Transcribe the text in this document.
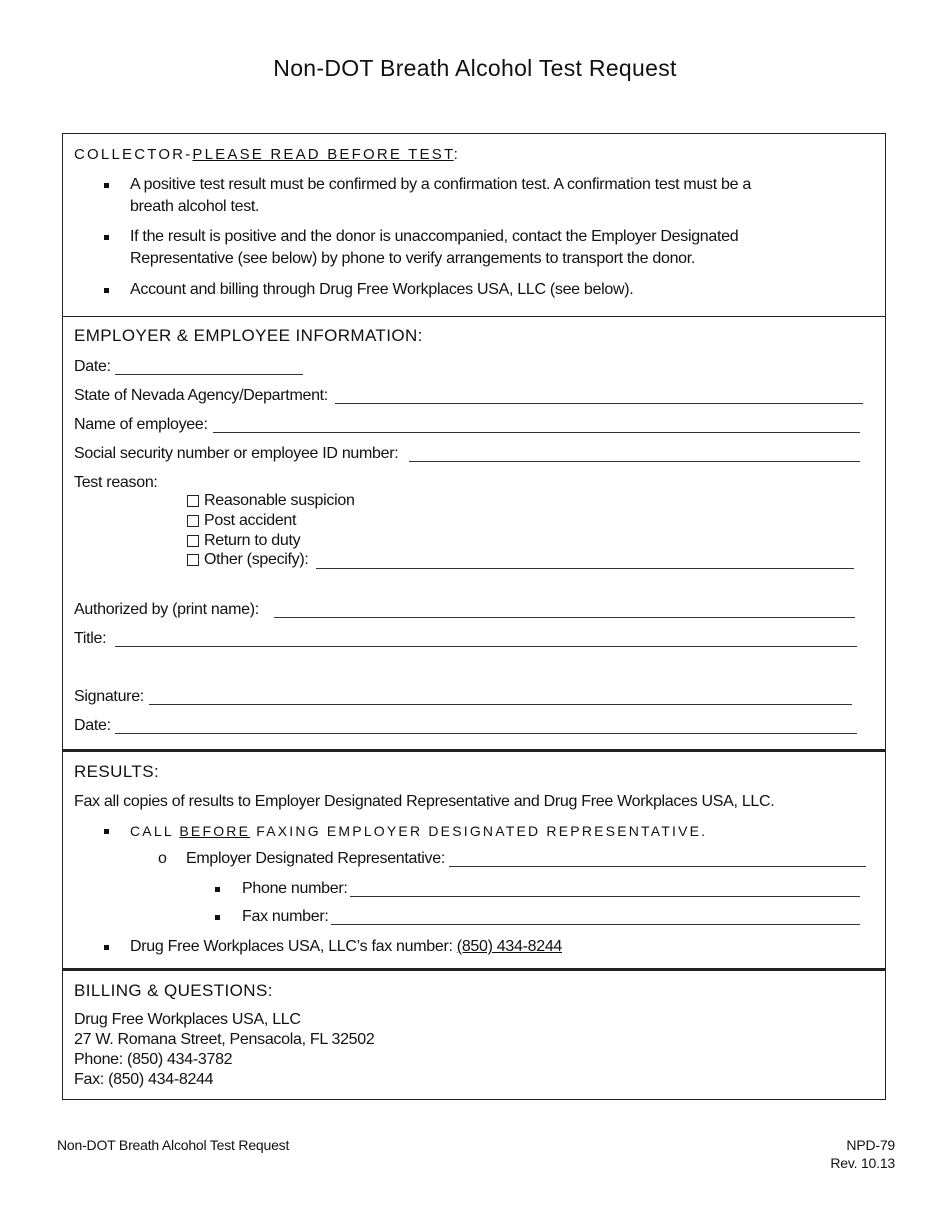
Non-DOT Breath Alcohol Test Request
COLLECTOR-PLEASE READ BEFORE TEST:
A positive test result must be confirmed by a confirmation test. A confirmation test must be a
breath alcohol test.
If the result is positive and the donor is unaccompanied, contact the Employer Designated
Representative (see below) by phone to verify arrangements to transport the donor.
Account and billing through Drug Free Workplaces USA, LLC (see below).
EMPLOYER & EMPLOYEE INFORMATION:
Date:
State of Nevada Agency/Department:
Name of employee:
Social security number or employee ID number:
Test reason:
Reasonable suspicion
Post accident
Return to duty
Other (specify):
Authorized by (print name):
Title:
Signature:
Date:
RESULTS:
Fax all copies of results to Employer Designated Representative and Drug Free Workplaces USA, LLC.
CALL BEFORE FAXING EMPLOYER DESIGNATED REPRESENTATIVE.
o Employer Designated Representative:
Phone number:
Fax number:
Drug Free Workplaces USA, LLC’s fax number: (850) 434-8244
BILLING & QUESTIONS:
Drug Free Workplaces USA, LLC
27 W. Romana Street, Pensacola, FL 32502
Phone: (850) 434-3782
Fax: (850) 434-8244
Non-DOT Breath Alcohol Test Request	NPD-79
Rev. 10.13
